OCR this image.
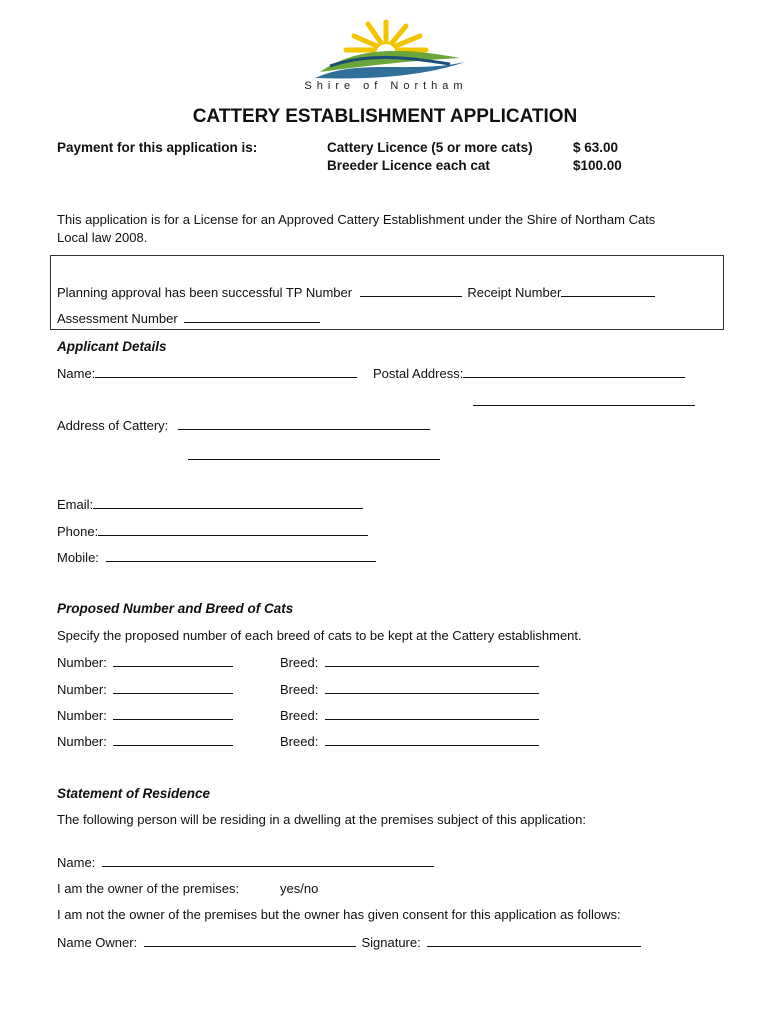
Shire of Northam
CATTERY ESTABLISHMENT APPLICATION
Payment for this application is:	Cattery Licence (5 or more cats)	$ 63.00
Breeder Licence each cat	$100.00
This application is for a License for an Approved Cattery Establishment under the Shire of Northam Cats
Local law 2008.
Planning approval has been successful TP Number	Receipt Number
Assessment Number
Applicant Details
Name:	Postal Address:
Address of Cattery:
Email:
Phone:
Mobile:
Proposed Number and Breed of Cats
Specify the proposed number of each breed of cats to be kept at the Cattery establishment.
Number:	Breed:
Number:	Breed:
Number:	Breed:
Number:	Breed:
Statement of Residence
The following person will be residing in a dwelling at the premises subject of this application:
Name:
I am the owner of the premises:	yes/no
I am not the owner of the premises but the owner has given consent for this application as follows:
Name Owner:	Signature:
